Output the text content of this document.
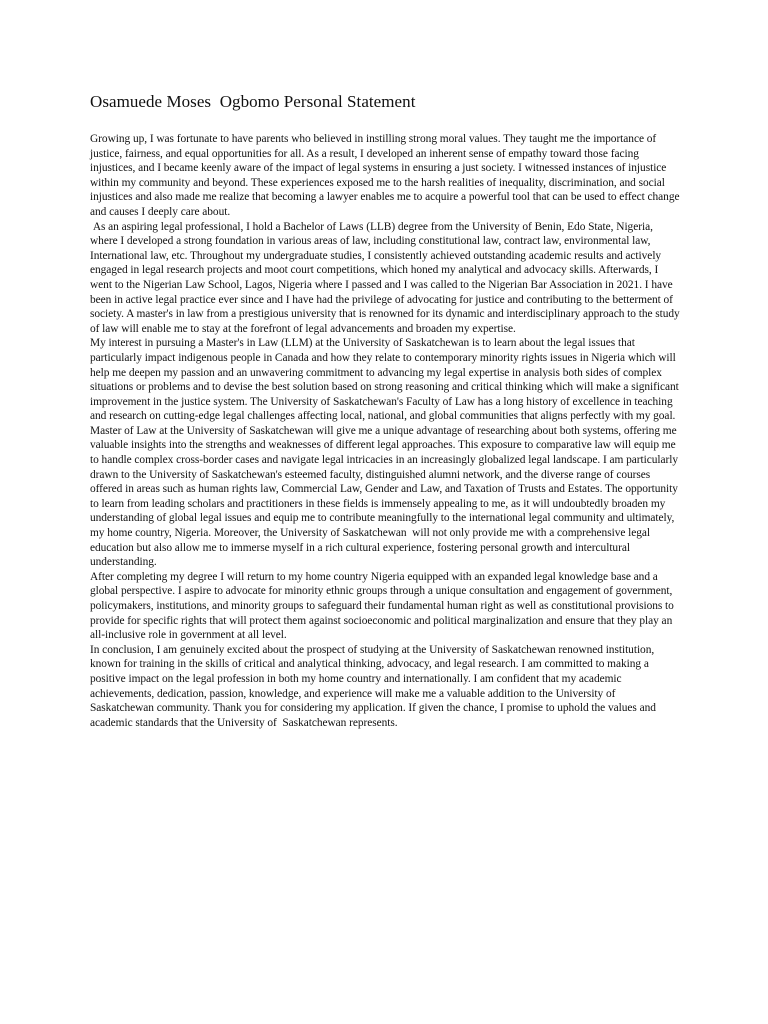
Osamuede Moses  Ogbomo Personal Statement

Growing up, I was fortunate to have parents who believed in instilling strong moral values. They taught me the importance of justice, fairness, and equal opportunities for all. As a result, I developed an inherent sense of empathy toward those facing injustices, and I became keenly aware of the impact of legal systems in ensuring a just society. I witnessed instances of injustice within my community and beyond. These experiences exposed me to the harsh realities of inequality, discrimination, and social injustices and also made me realize that becoming a lawyer enables me to acquire a powerful tool that can be used to effect change and causes I deeply care about.

As an aspiring legal professional, I hold a Bachelor of Laws (LLB) degree from the University of Benin, Edo State, Nigeria, where I developed a strong foundation in various areas of law, including constitutional law, contract law, environmental law, International law, etc. Throughout my undergraduate studies, I consistently achieved outstanding academic results and actively engaged in legal research projects and moot court competitions, which honed my analytical and advocacy skills. Afterwards, I went to the Nigerian Law School, Lagos, Nigeria where I passed and I was called to the Nigerian Bar Association in 2021. I have been in active legal practice ever since and I have had the privilege of advocating for justice and contributing to the betterment of society. A master's in law from a prestigious university that is renowned for its dynamic and interdisciplinary approach to the study of law will enable me to stay at the forefront of legal advancements and broaden my expertise.

My interest in pursuing a Master's in Law (LLM) at the University of Saskatchewan is to learn about the legal issues that particularly impact indigenous people in Canada and how they relate to contemporary minority rights issues in Nigeria which will help me deepen my passion and an unwavering commitment to advancing my legal expertise in analysis both sides of complex situations or problems and to devise the best solution based on strong reasoning and critical thinking which will make a significant improvement in the justice system. The University of Saskatchewan's Faculty of Law has a long history of excellence in teaching and research on cutting-edge legal challenges affecting local, national, and global communities that aligns perfectly with my goal.

Master of Law at the University of Saskatchewan will give me a unique advantage of researching about both systems, offering me valuable insights into the strengths and weaknesses of different legal approaches. This exposure to comparative law will equip me to handle complex cross-border cases and navigate legal intricacies in an increasingly globalized legal landscape. I am particularly drawn to the University of Saskatchewan's esteemed faculty, distinguished alumni network, and the diverse range of courses offered in areas such as human rights law, Commercial Law, Gender and Law, and Taxation of Trusts and Estates. The opportunity to learn from leading scholars and practitioners in these fields is immensely appealing to me, as it will undoubtedly broaden my understanding of global legal issues and equip me to contribute meaningfully to the international legal community and ultimately, my home country, Nigeria. Moreover, the University of Saskatchewan  will not only provide me with a comprehensive legal education but also allow me to immerse myself in a rich cultural experience, fostering personal growth and intercultural understanding.

After completing my degree I will return to my home country Nigeria equipped with an expanded legal knowledge base and a global perspective. I aspire to advocate for minority ethnic groups through a unique consultation and engagement of government, policymakers, institutions, and minority groups to safeguard their fundamental human right as well as constitutional provisions to provide for specific rights that will protect them against socioeconomic and political marginalization and ensure that they play an all-inclusive role in government at all level.

In conclusion, I am genuinely excited about the prospect of studying at the University of Saskatchewan renowned institution, known for training in the skills of critical and analytical thinking, advocacy, and legal research. I am committed to making a positive impact on the legal profession in both my home country and internationally. I am confident that my academic achievements, dedication, passion, knowledge, and experience will make me a valuable addition to the University of  Saskatchewan community. Thank you for considering my application. If given the chance, I promise to uphold the values and academic standards that the University of  Saskatchewan represents.
